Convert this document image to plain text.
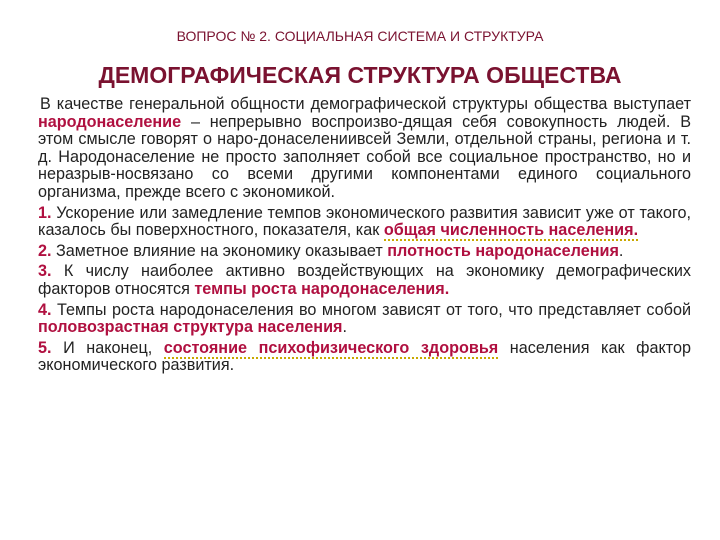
ВОПРОС № 2. СОЦИАЛЬНАЯ СИСТЕМА И СТРУКТУРА
ДЕМОГРАФИЧЕСКАЯ СТРУКТУРА ОБЩЕСТВА

В качестве генеральной общности демографической структуры общества выступает народонаселение – непрерывно воспроизво-дящая себя совокупность людей. В этом смысле говорят о наро-донаселениивсей Земли, отдельной страны, региона и т. д. Народонаселение не просто заполняет собой все социальное пространство, но и неразрыв-носвязано со всеми другими компонентами единого социального организма, прежде всего с экономикой.

1. Ускорение или замедление темпов экономического развития зависит уже от такого, казалось бы поверхностного, показателя, как общая численность населения.

2. Заметное влияние на экономику оказывает плотность народонаселения.

3. К числу наиболее активно воздействующих на экономику демографических факторов относятся темпы роста народонаселения.

4. Темпы роста народонаселения во многом зависят от того, что представляет собой половозрастная структура населения.

5. И наконец, состояние психофизического здоровья населения как фактор экономического развития.
